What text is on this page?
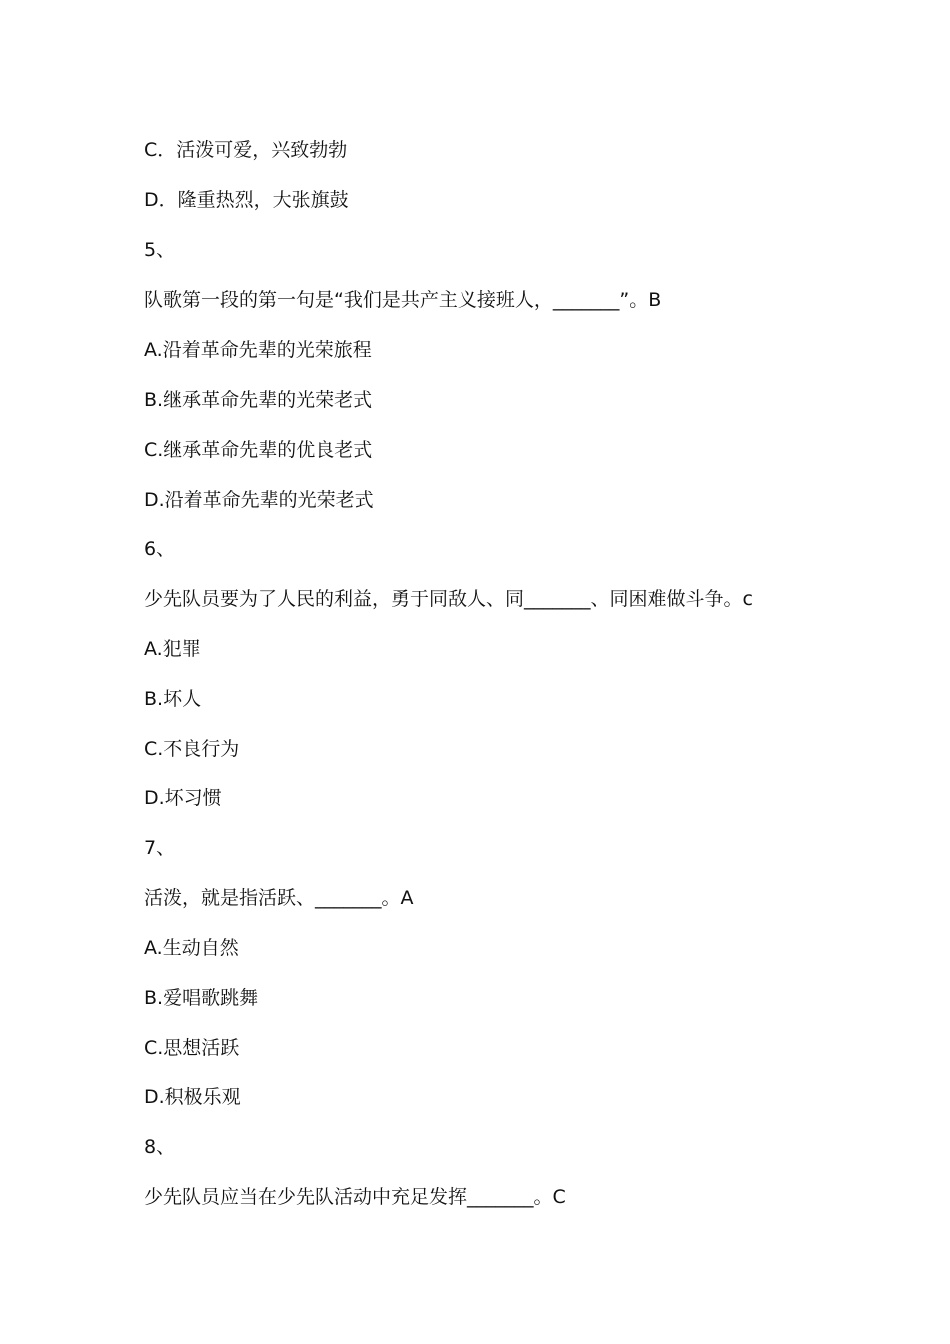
C．活泼可爱，兴致勃勃
D．隆重热烈，大张旗鼓
5、
队歌第一段的第一句是“我们是共产主义接班人，_______”。B
A.沿着革命先辈的光荣旅程
B.继承革命先辈的光荣老式
C.继承革命先辈的优良老式
D.沿着革命先辈的光荣老式
6、
少先队员要为了人民的利益，勇于同敌人、同_______、同困难做斗争。c
A.犯罪
B.坏人
C.不良行为
D.坏习惯
7、
活泼，就是指活跃、_______。A
A.生动自然
B.爱唱歌跳舞
C.思想活跃
D.积极乐观
8、
少先队员应当在少先队活动中充足发挥_______。C
